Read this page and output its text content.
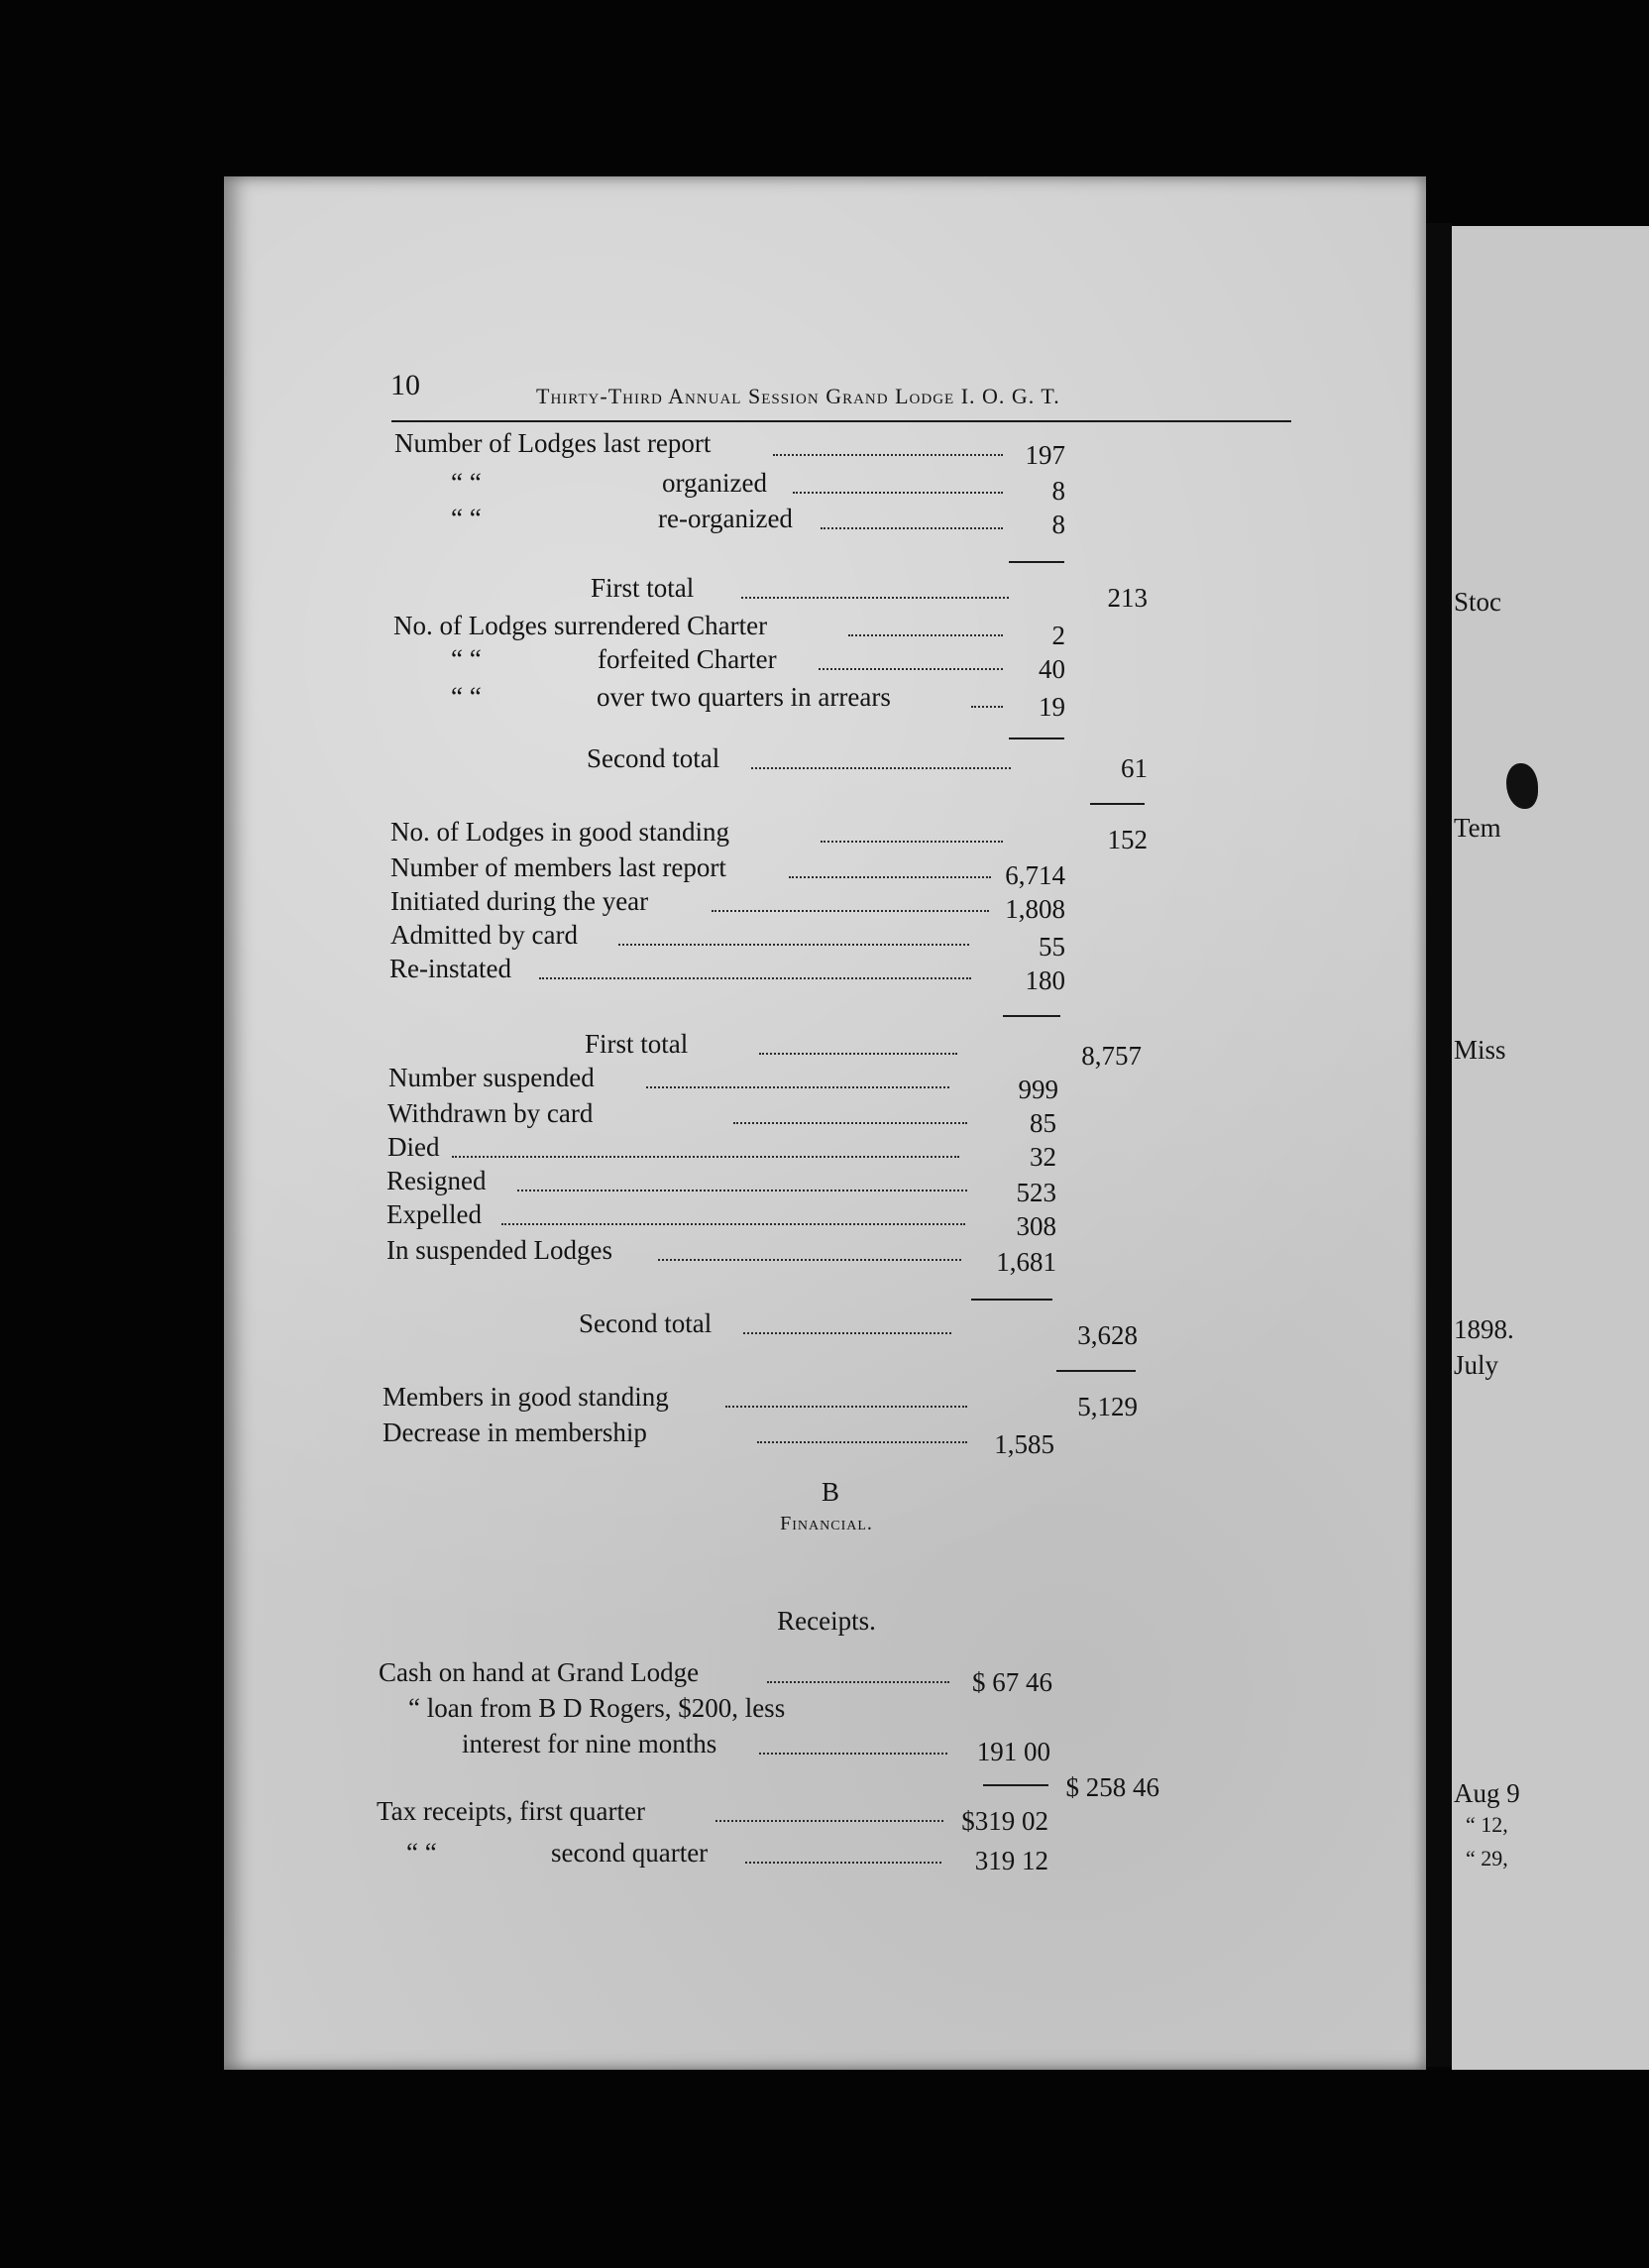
Stoc
Tem
Miss
1898.
July
Aug 9
“ 12,
“ 29,
10	Thirty-Third Annual Session Grand Lodge I. O. G. T.
Number of Lodges last report	197
“ “	organized	8
“ “	re-organized	8
First total	213
No. of Lodges surrendered Charter	2
“ “	forfeited Charter	40
“ “	over two quarters in arrears	19
Second total	61
No. of Lodges in good standing	152
Number of members last report	6,714
Initiated during the year	1,808
Admitted by card	55
Re-instated	180
First total	8,757
Number suspended	999
Withdrawn by card	85
Died	32
Resigned	523
Expelled	308
In suspended Lodges	1,681
Second total	3,628
Members in good standing	5,129
Decrease in membership	1,585
B
Financial.
Receipts.
Cash on hand at Grand Lodge	$ 67 46
“ loan from B D Rogers, $200, less
interest for nine months	191 00
$ 258 46
Tax receipts, first quarter	$319 02
“ “	second quarter	319 12
